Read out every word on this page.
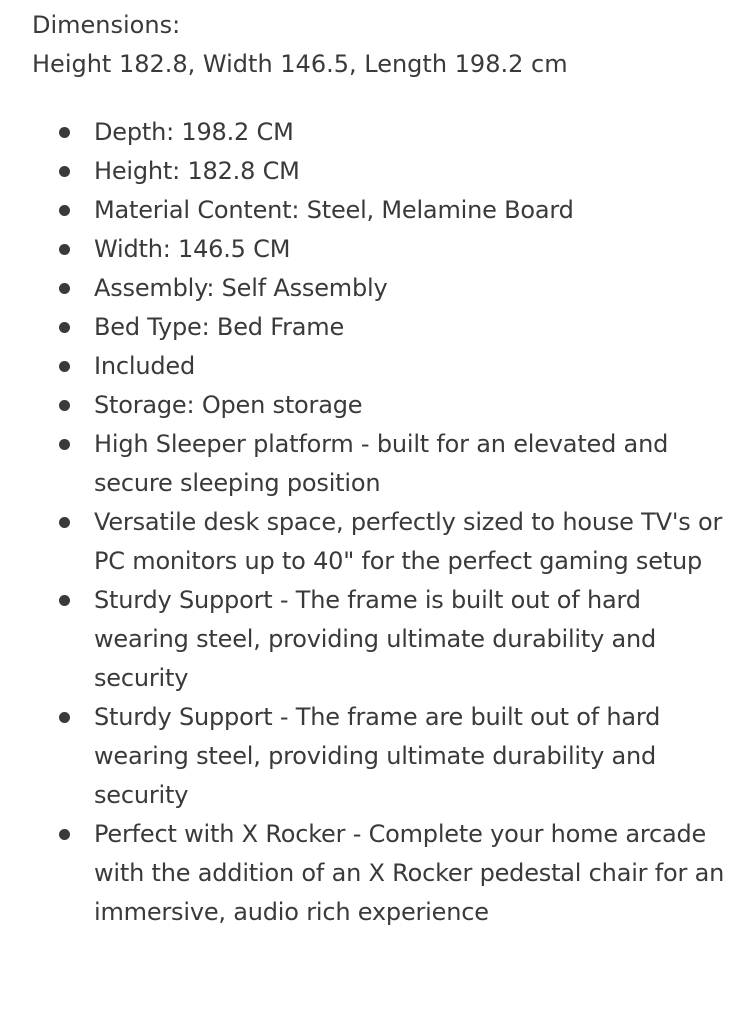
Dimensions:

Height 182.8, Width 146.5, Length 198.2 cm

Depth: 198.2 CM
Height: 182.8 CM
Material Content: Steel, Melamine Board
Width: 146.5 CM
Assembly: Self Assembly
Bed Type: Bed Frame
Included
Storage: Open storage
High Sleeper platform - built for an elevated and secure sleeping position
Versatile desk space, perfectly sized to house TV's or PC monitors up to 40" for the perfect gaming setup
Sturdy Support - The frame is built out of hard wearing steel, providing ultimate durability and security
Sturdy Support - The frame are built out of hard wearing steel, providing ultimate durability and security
Perfect with X Rocker - Complete your home arcade with the addition of an X Rocker pedestal chair for an immersive, audio rich experience
